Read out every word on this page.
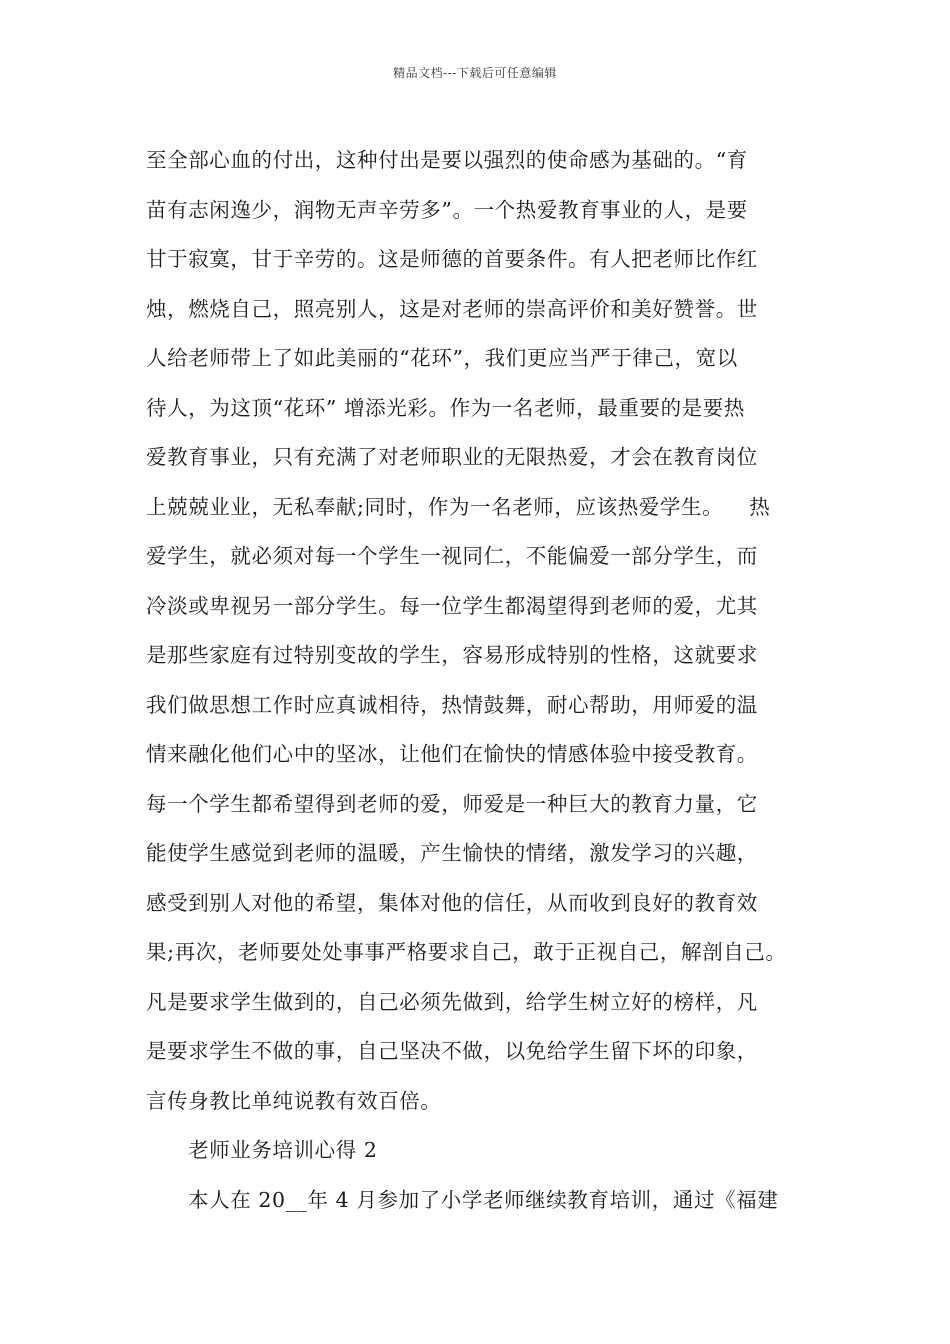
精品文档---下载后可任意编辑
至全部心血的付出，这种付出是要以强烈的使命感为基础的。“育
苗有志闲逸少，润物无声辛劳多”。一个热爱教育事业的人，是要
甘于寂寞，甘于辛劳的。这是师德的首要条件。有人把老师比作红
烛，燃烧自己，照亮别人，这是对老师的崇高评价和美好赞誉。世
人给老师带上了如此美丽的“花环”，我们更应当严于律己，宽以
待人，为这顶“花环” 增添光彩。作为一名老师，最重要的是要热
爱教育事业，只有充满了对老师职业的无限热爱，才会在教育岗位
上兢兢业业，无私奉献;同时，作为一名老师，应该热爱学生。 热
爱学生，就必须对每一个学生一视同仁，不能偏爱一部分学生，而
冷淡或卑视另一部分学生。每一位学生都渴望得到老师的爱，尤其
是那些家庭有过特别变故的学生，容易形成特别的性格，这就要求
我们做思想工作时应真诚相待，热情鼓舞，耐心帮助，用师爱的温
情来融化他们心中的坚冰，让他们在愉快的情感体验中接受教育。
每一个学生都希望得到老师的爱，师爱是一种巨大的教育力量，它
能使学生感觉到老师的温暖，产生愉快的情绪，激发学习的兴趣，
感受到别人对他的希望，集体对他的信任，从而收到良好的教育效
果;再次，老师要处处事事严格要求自己，敢于正视自己，解剖自己。
凡是要求学生做到的，自己必须先做到，给学生树立好的榜样，凡
是要求学生不做的事，自己坚决不做，以免给学生留下坏的印象，
言传身教比单纯说教有效百倍。
老师业务培训心得 2
本人在 20__年 4 月参加了小学老师继续教育培训，通过《福建
